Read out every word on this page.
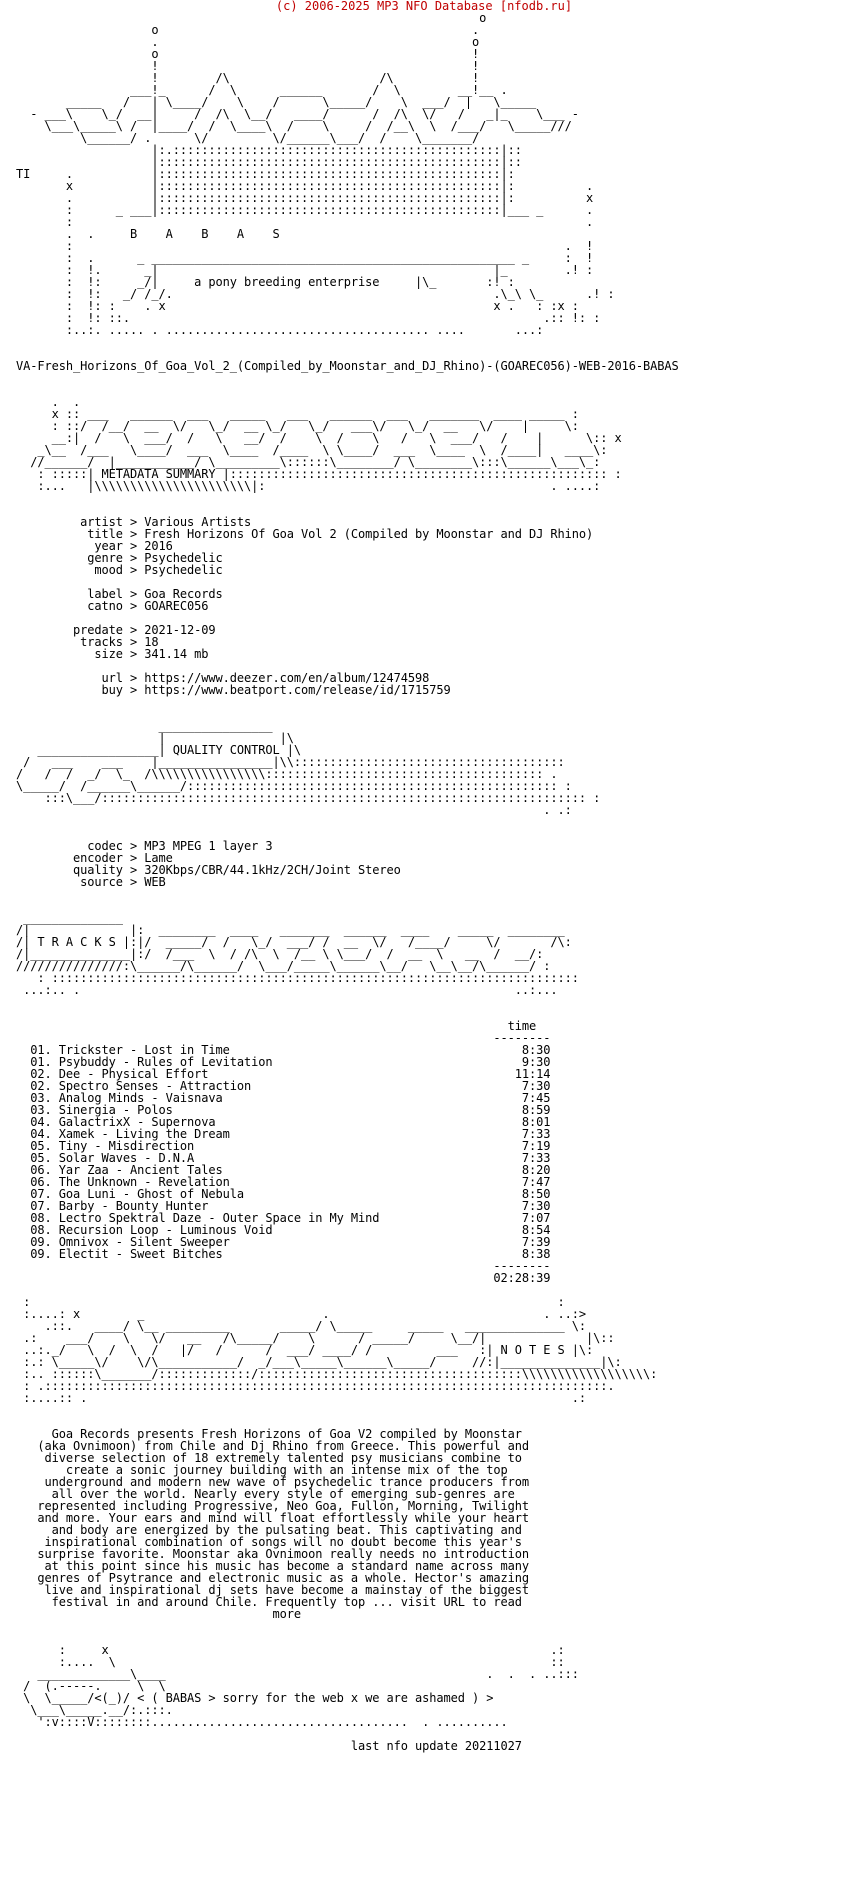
(c) 2006-2025 MP3 NFO Database [nfodb.ru]
o
o                                            .
.                                            o
o                                            !
!                                            !
!        /\                     /\           !
___!_      /  \      ______       /  \        __!__ .
_____   /   | \____/    \    /      \_____/    \  ___/  |   \_____
- ___\    \_/  __|     /  /\  \__/   ____/      /  /\  \/   /   _|_    \___ -
\___\_____\ /  |____/  /  \____\  /    \     /  /__\  \  /___/   \_____///
\______/ .      \/         \/______\___/  /    \_______/
|:.::::::::::::::::::::::::::::::::::::::::::::::|::
|::::::::::::::::::::::::::::::::::::::::::::::::|::
TI     .           |::::::::::::::::::::::::::::::::::::::::::::::::|:
x           |::::::::::::::::::::::::::::::::::::::::::::::::|:          .
.           |::::::::::::::::::::::::::::::::::::::::::::::::|:          x
:      _ ___|::::::::::::::::::::::::::::::::::::::::::::::::|___ _      .
:                                                                        .
.  .	B    A    B    A    S
:                                                                     .  !
:  .      _ ___________________________________________________ _     :  !
:  !.      _|                                               |_        .! :
:  !:     _/|	a pony breeding enterprise	|\_       :! :
:  !:   _/ /_/.                                             .\_\ \_      .! :
:  !: :    . x                                              x .   : :x :
:  !: ::.                                                          .:: !: :
:..:. ..... . ..................................... ....       ...:

VA-Fresh_Horizons_Of_Goa_Vol_2_(Compiled_by_Moonstar_and_DJ_Rhino)-(GOAREC056)-WEB-2016-BABAS

.  .
x :: ___   ______  ___   _____   ___   ______  ___   _______  ____ _____ :
: ::/  /__/  __  \/   \_/  __ \_/   \_/   ___\/   \_/  __   \/    |     \:
__:|  /   \  ___/  /   \   __/  /    \  /    \   /   \  ___/   /    |      \:: x
_\__  /___   \____/  ___  \____  /____  \ \____/  ___  \____  \  /____|   ____\:
//______/  |___________/ \_________\::::::\________/ \________\:::\______\___\_:
: :::::| METADATA SUMMARY |::::::::::::::::::::::::::::::::::::::::::::::::::::: :
:...   |\\\\\\\\\\\\\\\\\\\\\\|:                                        . ....:

artist > Various Artists
title > Fresh Horizons Of Goa Vol 2 (Compiled by Moonstar and DJ Rhino)
year > 2016
genre > Psychedelic
mood > Psychedelic

label > Goa Records
catno > GOAREC056

predate > 2021-12-09
tracks > 18
size > 341.14 mb

url > https://www.deezer.com/en/album/12474598
buy > https://www.beatport.com/release/id/1715759

________________
|                |\
_________________| QUALITY CONTROL |\
/   ___    ___    |________________|\\::::::::::::::::::::::::::::::::::::::
/   /  /  _/  \_  /\\\\\\\\\\\\\\\\::::::::::::::::::::::::::::::::::::::: .
\_____/  /______\______/:::::::::::::::::::::::::::::::::::::::::::::::::::: :
:::\___/:::::::::::::::::::::::::::::::::::::::::::::::::::::::::::::::::::: :
. .:

codec > MP3 MPEG 1 layer 3
encoder > Lame
quality > 320Kbps/CBR/44.1kHz/2CH/Joint Stereo
source > WEB

______________
/|              |:  ________  ____   _______  ______  ____    _____  ________
/| T R A C K S |:|/  _____/  /   \_/  ___/ /  __  \/   /____/     \/       /\:
/|______________|:/  /___  \  / /\  \  /__ \ \___/  /  __  \   __  /  __/:
///////////////:\______/\______/  \___/_____\______\__/   \__\__/\______/ :
: ::::::::::::::::::::::::::::::::::::::::::::::::::::::::::::::::::::::::::
...:.. .                                                             ..:...

time
--------
01. Trickster - Lost in Time	8:30
01. Psybuddy - Rules of Levitation	9:30
02. Dee - Physical Effort	11:14
02. Spectro Senses - Attraction	7:30
03. Analog Minds - Vaisnava	7:45
03. Sinergia - Polos	8:59
04. GalactrixX - Supernova	8:01
04. Xamek - Living the Dream	7:33
05. Tiny - Misdirection	7:19
05. Solar Waves - D.N.A	7:33
06. Yar Zaa - Ancient Tales	8:20
06. The Unknown - Revelation	7:47
07. Goa Luni - Ghost of Nebula	8:50
07. Barby - Bounty Hunter	7:30
08. Lectro Spektral Daze - Outer Space in My Mind	7:07
08. Recursion Loop - Luminous Void	8:54
09. Omnivox - Silent Sweeper	7:39
09. Electit - Sweet Bitches	8:38
--------
02:28:39

:                                                                          :
:....: x        _                         .                              . ..:>
.::.   ____/ \__ _________       _____/ \_____     _____   ______________ \:
.:    ___/    \   \/   __   /\_____/    \      / _____/     \__/|              |\::
..:._/   \  /  \  /   |/   /      /  ___/ ____/ /         ___   :| N O T E S |\:
:.: \_____\/    \/\___________/  _/___\_____\______\_____/     //:|______________|\:
:.. ::::::\_______/:::::::::::::/:::::::::::::::::::::::::::::::::::::\\\\\\\\\\\\\\\\\\:
: .:::::::::::::::::::::::::::::::::::::::::::::::::::::::::::::::::::::::::::::::.
:....:: .                                                                    .:

Goa Records presents Fresh Horizons of Goa V2 compiled by Moonstar
(aka Ovnimoon) from Chile and Dj Rhino from Greece. This powerful and
diverse selection of 18 extremely talented psy musicians combine to
create a sonic journey building with an intense mix of the top
underground and modern new wave of psychedelic trance producers from
all over the world. Nearly every style of emerging sub-genres are
represented including Progressive, Neo Goa, Fullon, Morning, Twilight
and more. Your ears and mind will float effortlessly while your heart
and body are energized by the pulsating beat. This captivating and
inspirational combination of songs will no doubt become this year's
surprise favorite. Moonstar aka Ovnimoon really needs no introduction
at this point since his music has become a standard name across many
genres of Psytrance and electronic music as a whole. Hector's amazing
live and inspirational dj sets have become a mainstay of the biggest
festival in and around Chile. Frequently top ... visit URL to read
more

:     x                                                              .:
:....  \                                                             ::
_____________\____                                             .  .  . ..:::
/  (.-----.     \  \
\  \_____/<(_)/ < ( BABAS > sorry for the web x we are ashamed ) >
\___\_____.__/:.:::.
':v::::V::::::::....................................  . ..........

last nfo update 20211027
